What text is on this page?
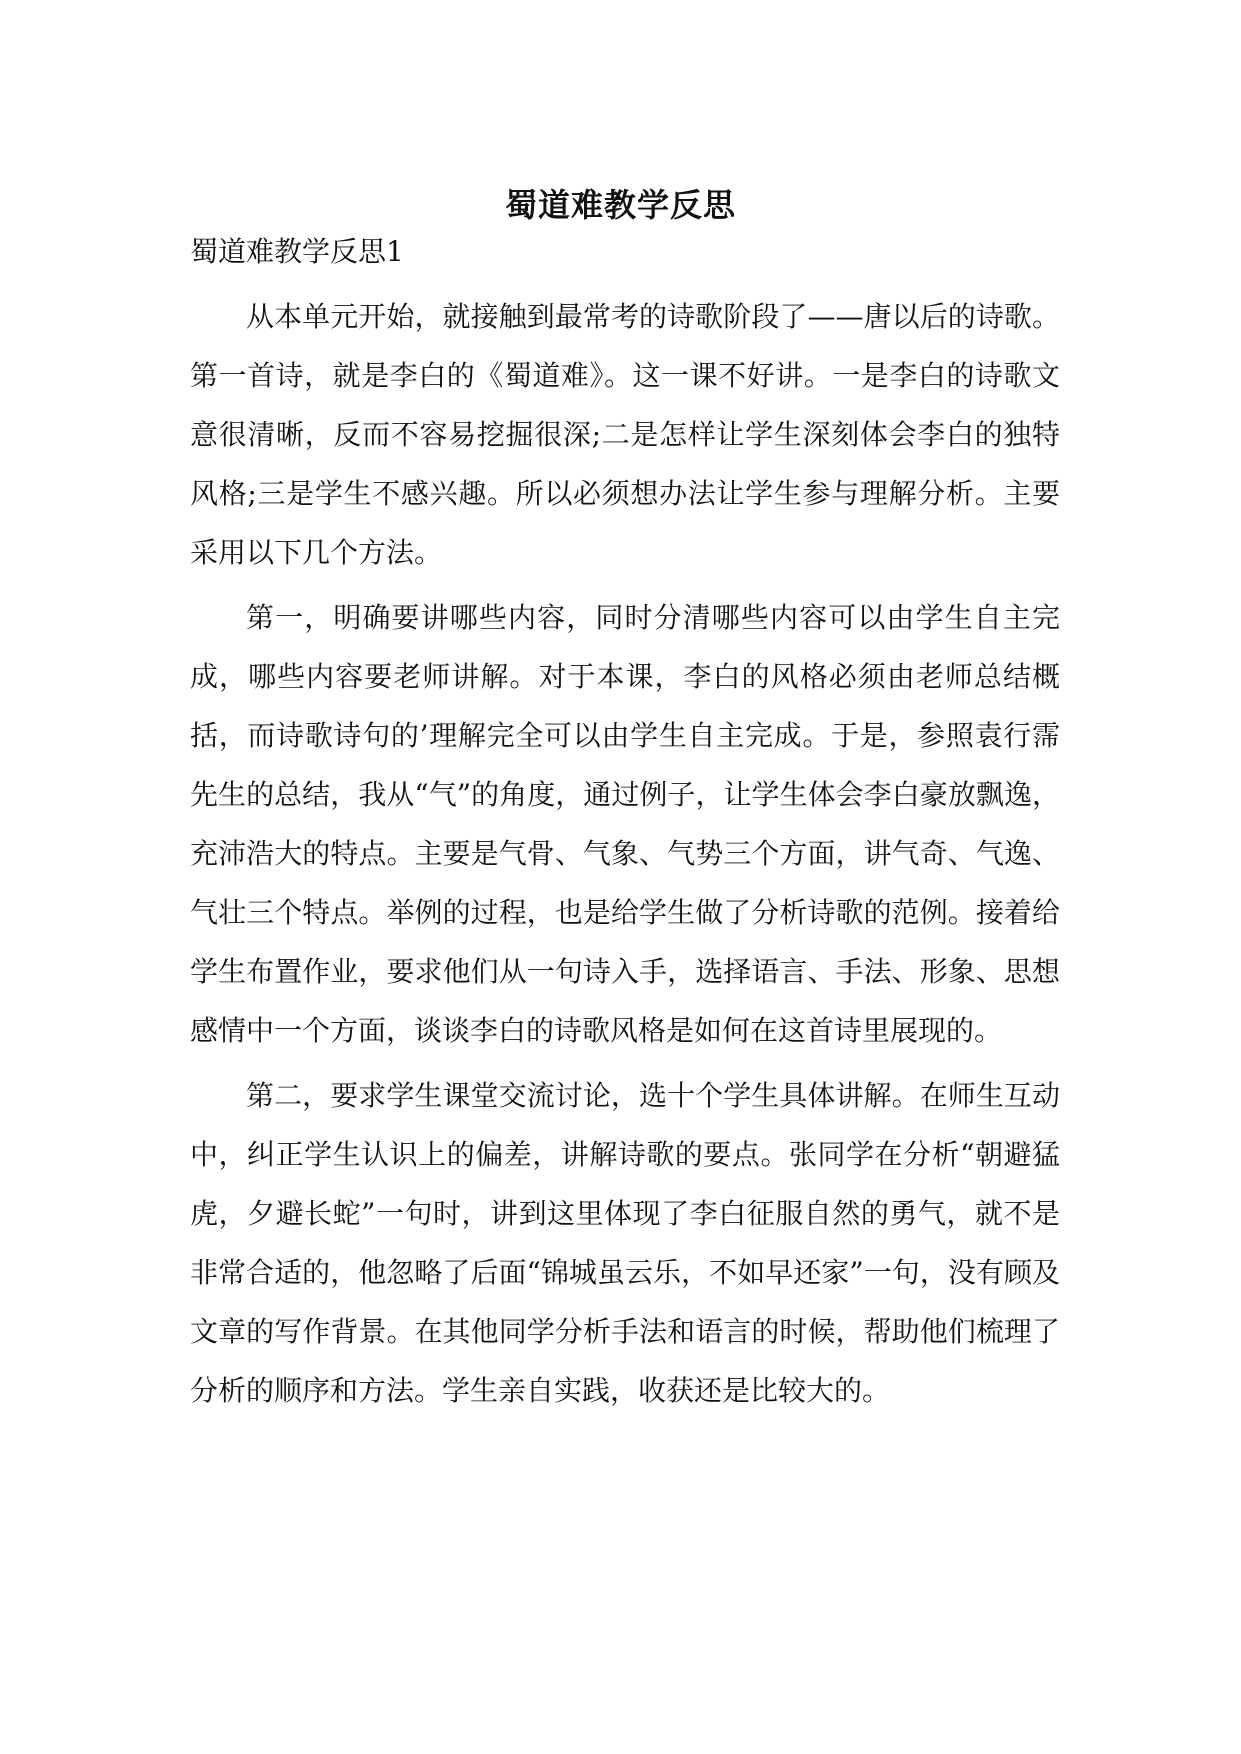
蜀道难教学反思
蜀道难教学反思1

从本单元开始，就接触到最常考的诗歌阶段了——唐以后的诗歌。第一首诗，就是李白的《蜀道难》。这一课不好讲。一是李白的诗歌文意很清晰，反而不容易挖掘很深;二是怎样让学生深刻体会李白的独特风格;三是学生不感兴趣。所以必须想办法让学生参与理解分析。主要采用以下几个方法。

第一，明确要讲哪些内容，同时分清哪些内容可以由学生自主完成，哪些内容要老师讲解。对于本课，李白的风格必须由老师总结概括，而诗歌诗句的’理解完全可以由学生自主完成。于是，参照袁行霈先生的总结，我从“气”的角度，通过例子，让学生体会李白豪放飘逸，充沛浩大的特点。主要是气骨、气象、气势三个方面，讲气奇、气逸、气壮三个特点。举例的过程，也是给学生做了分析诗歌的范例。接着给学生布置作业，要求他们从一句诗入手，选择语言、手法、形象、思想感情中一个方面，谈谈李白的诗歌风格是如何在这首诗里展现的。

第二，要求学生课堂交流讨论，选十个学生具体讲解。在师生互动中，纠正学生认识上的偏差，讲解诗歌的要点。张同学在分析“朝避猛虎，夕避长蛇”一句时，讲到这里体现了李白征服自然的勇气，就不是非常合适的，他忽略了后面“锦城虽云乐，不如早还家”一句，没有顾及文章的写作背景。在其他同学分析手法和语言的时候，帮助他们梳理了分析的顺序和方法。学生亲自实践，收获还是比较大的。
